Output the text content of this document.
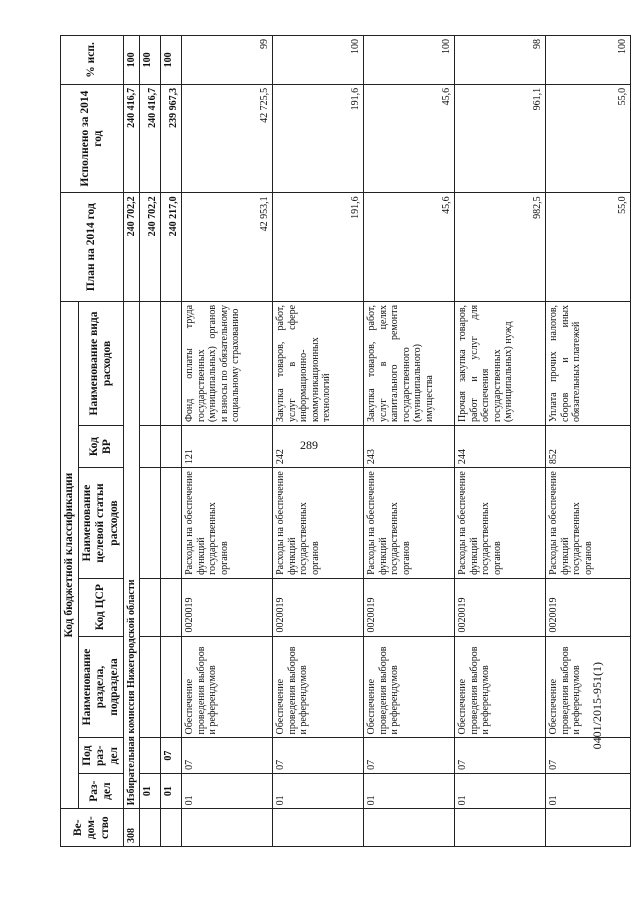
289
0401/2015-951(1)
Ве-дом-ство	Код бюджетной классификации							План на 2014 год	Исполнено за 2014 год	% исп.
	Раз-дел	Под раз-дел	Наименование раздела, подраздела	Код ЦСР	Наименование целевой статьи расходов	Код ВР	Наименование вида расходов			
308	Избирательная комиссия Нижегородской области							240 702,2	240 416,7	100
	01							240 702,2	240 416,7	100
	01	07						240 217,0	239 967,3	100
	01	07	Обеспечение проведения выборов и референдумов	0020019	Расходы на обеспечение функций государственных органов	121	Фонд оплаты труда государственных (муниципальных) органов и взносы по обязательному социальному страхованию	42 953,1	42 725,5	99
	01	07	Обеспечение проведения выборов и референдумов	0020019	Расходы на обеспечение функций государственных органов	242	Закупка товаров, работ, услуг в сфере информационно-коммуникационных технологий	191,6	191,6	100
	01	07	Обеспечение проведения выборов и референдумов	0020019	Расходы на обеспечение функций государственных органов	243	Закупка товаров, работ, услуг в целях капитального ремонта государственного (муниципального) имущества	45,6	45,6	100
	01	07	Обеспечение проведения выборов и референдумов	0020019	Расходы на обеспечение функций государственных органов	244	Прочая закупка товаров, работ и услуг для обеспечения государственных (муниципальных) нужд	982,5	961,1	98
	01	07	Обеспечение проведения выборов и референдумов	0020019	Расходы на обеспечение функций государственных органов	852	Уплата прочих налогов, сборов и иных обязательных платежей	55,0	55,0	100
